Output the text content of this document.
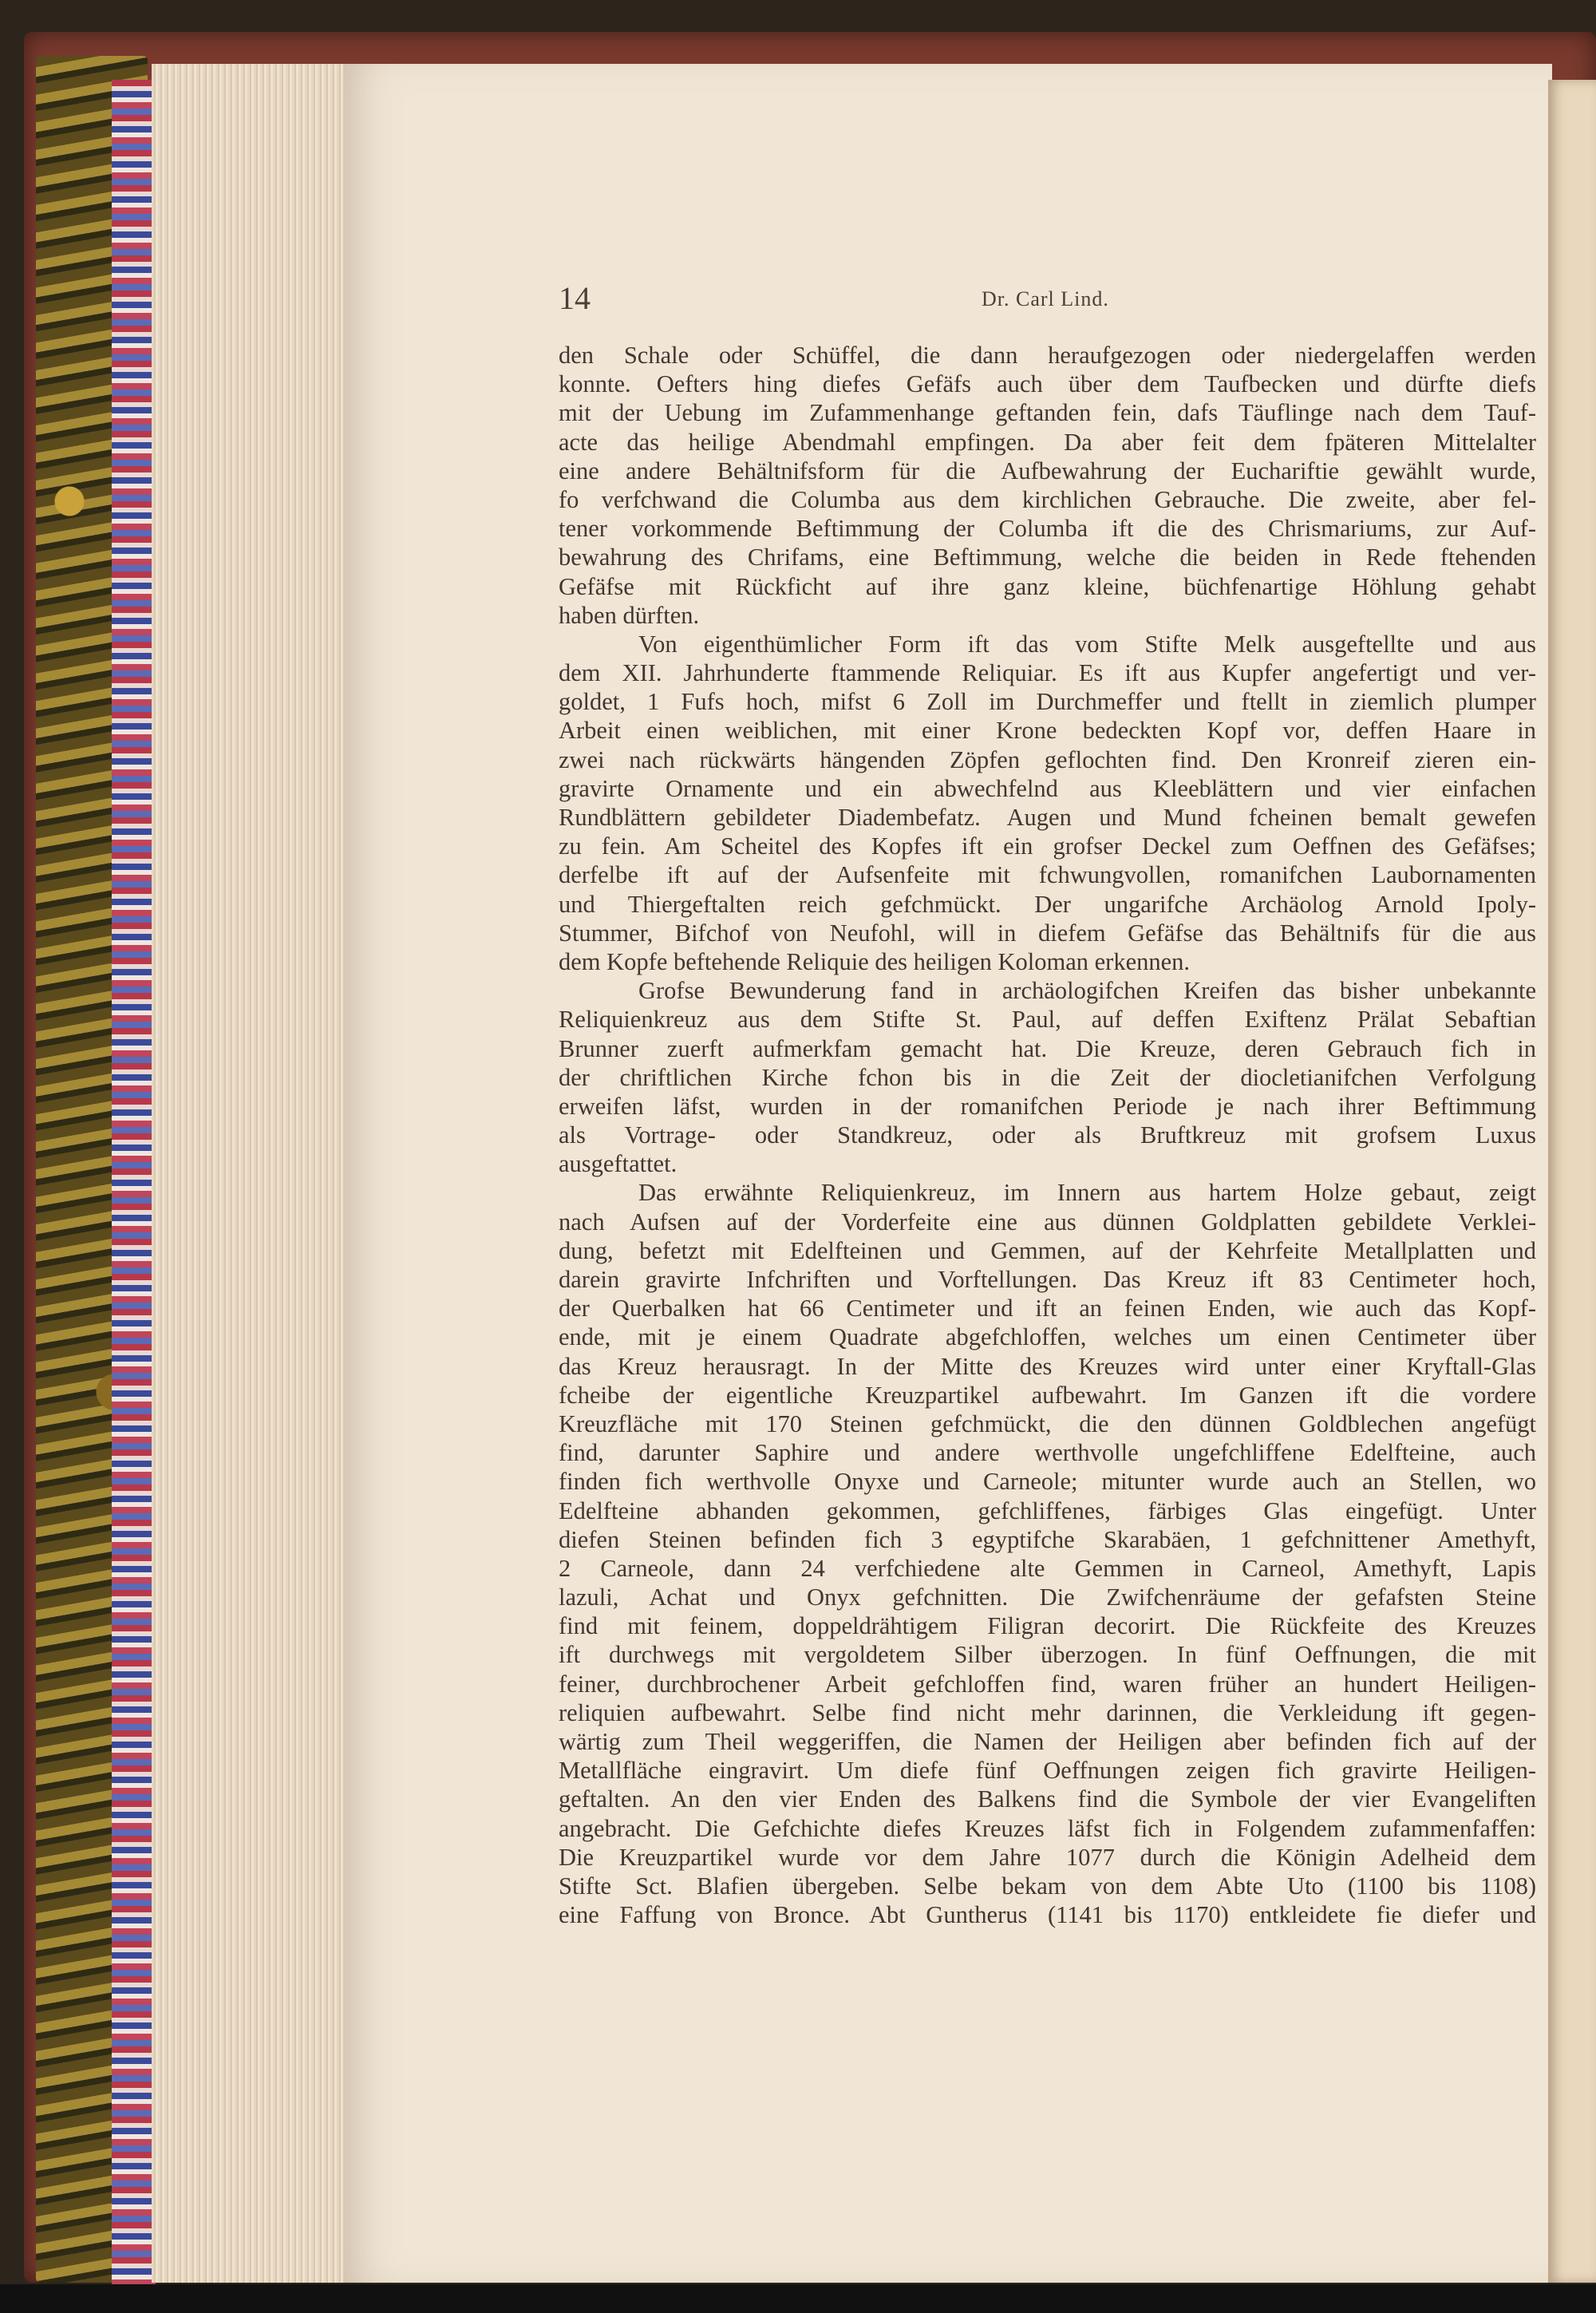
14	Dr. Carl Lind.
den Schale oder Schüffel, die dann heraufgezogen oder niedergelaffen werden
konnte. Oefters hing diefes Gefäfs auch über dem Taufbecken und dürfte diefs
mit der Uebung im Zufammenhange geftanden fein, dafs Täuflinge nach dem Tauf-
acte das heilige Abendmahl empfingen. Da aber feit dem fpäteren Mittelalter
eine andere Behältnifsform für die Aufbewahrung der Euchariftie gewählt wurde,
fo verfchwand die Columba aus dem kirchlichen Gebrauche. Die zweite, aber fel-
tener vorkommende Beftimmung der Columba ift die des Chrismariums, zur Auf-
bewahrung des Chrifams, eine Beftimmung, welche die beiden in Rede ftehenden
Gefäfse mit Rückficht auf ihre ganz kleine, büchfenartige Höhlung gehabt
haben dürften.
Von eigenthümlicher Form ift das vom Stifte Melk ausgeftellte und aus
dem XII. Jahrhunderte ftammende Reliquiar. Es ift aus Kupfer angefertigt und ver-
goldet, 1 Fufs hoch, mifst 6 Zoll im Durchmeffer und ftellt in ziemlich plumper
Arbeit einen weiblichen, mit einer Krone bedeckten Kopf vor, deffen Haare in
zwei nach rückwärts hängenden Zöpfen geflochten find. Den Kronreif zieren ein-
gravirte Ornamente und ein abwechfelnd aus Kleeblättern und vier einfachen
Rundblättern gebildeter Diadembefatz. Augen und Mund fcheinen bemalt gewefen
zu fein. Am Scheitel des Kopfes ift ein grofser Deckel zum Oeffnen des Gefäfses;
derfelbe ift auf der Aufsenfeite mit fchwungvollen, romanifchen Laubornamenten
und Thiergeftalten reich gefchmückt. Der ungarifche Archäolog Arnold Ipoly-
Stummer, Bifchof von Neufohl, will in diefem Gefäfse das Behältnifs für die aus
dem Kopfe beftehende Reliquie des heiligen Koloman erkennen.
Grofse Bewunderung fand in archäologifchen Kreifen das bisher unbekannte
Reliquienkreuz aus dem Stifte St. Paul, auf deffen Exiftenz Prälat Sebaftian
Brunner zuerft aufmerkfam gemacht hat. Die Kreuze, deren Gebrauch fich in
der chriftlichen Kirche fchon bis in die Zeit der diocletianifchen Verfolgung
erweifen läfst, wurden in der romanifchen Periode je nach ihrer Beftimmung
als Vortrage- oder Standkreuz, oder als Bruftkreuz mit grofsem Luxus
ausgeftattet.
Das erwähnte Reliquienkreuz, im Innern aus hartem Holze gebaut, zeigt
nach Aufsen auf der Vorderfeite eine aus dünnen Goldplatten gebildete Verklei-
dung, befetzt mit Edelfteinen und Gemmen, auf der Kehrfeite Metallplatten und
darein gravirte Infchriften und Vorftellungen. Das Kreuz ift 83 Centimeter hoch,
der Querbalken hat 66 Centimeter und ift an feinen Enden, wie auch das Kopf-
ende, mit je einem Quadrate abgefchloffen, welches um einen Centimeter über
das Kreuz herausragt. In der Mitte des Kreuzes wird unter einer Kryftall-Glas
fcheibe der eigentliche Kreuzpartikel aufbewahrt. Im Ganzen ift die vordere
Kreuzfläche mit 170 Steinen gefchmückt, die den dünnen Goldblechen angefügt
find, darunter Saphire und andere werthvolle ungefchliffene Edelfteine, auch
finden fich werthvolle Onyxe und Carneole; mitunter wurde auch an Stellen, wo
Edelfteine abhanden gekommen, gefchliffenes, färbiges Glas eingefügt. Unter
diefen Steinen befinden fich 3 egyptifche Skarabäen, 1 gefchnittener Amethyft,
2 Carneole, dann 24 verfchiedene alte Gemmen in Carneol, Amethyft, Lapis
lazuli, Achat und Onyx gefchnitten. Die Zwifchenräume der gefafsten Steine
find mit feinem, doppeldrähtigem Filigran decorirt. Die Rückfeite des Kreuzes
ift durchwegs mit vergoldetem Silber überzogen. In fünf Oeffnungen, die mit
feiner, durchbrochener Arbeit gefchloffen find, waren früher an hundert Heiligen-
reliquien aufbewahrt. Selbe find nicht mehr darinnen, die Verkleidung ift gegen-
wärtig zum Theil weggeriffen, die Namen der Heiligen aber befinden fich auf der
Metallfläche eingravirt. Um diefe fünf Oeffnungen zeigen fich gravirte Heiligen-
geftalten. An den vier Enden des Balkens find die Symbole der vier Evangeliften
angebracht. Die Gefchichte diefes Kreuzes läfst fich in Folgendem zufammenfaffen:
Die Kreuzpartikel wurde vor dem Jahre 1077 durch die Königin Adelheid dem
Stifte Sct. Blafien übergeben. Selbe bekam von dem Abte Uto (1100 bis 1108)
eine Faffung von Bronce. Abt Guntherus (1141 bis 1170) entkleidete fie diefer und
